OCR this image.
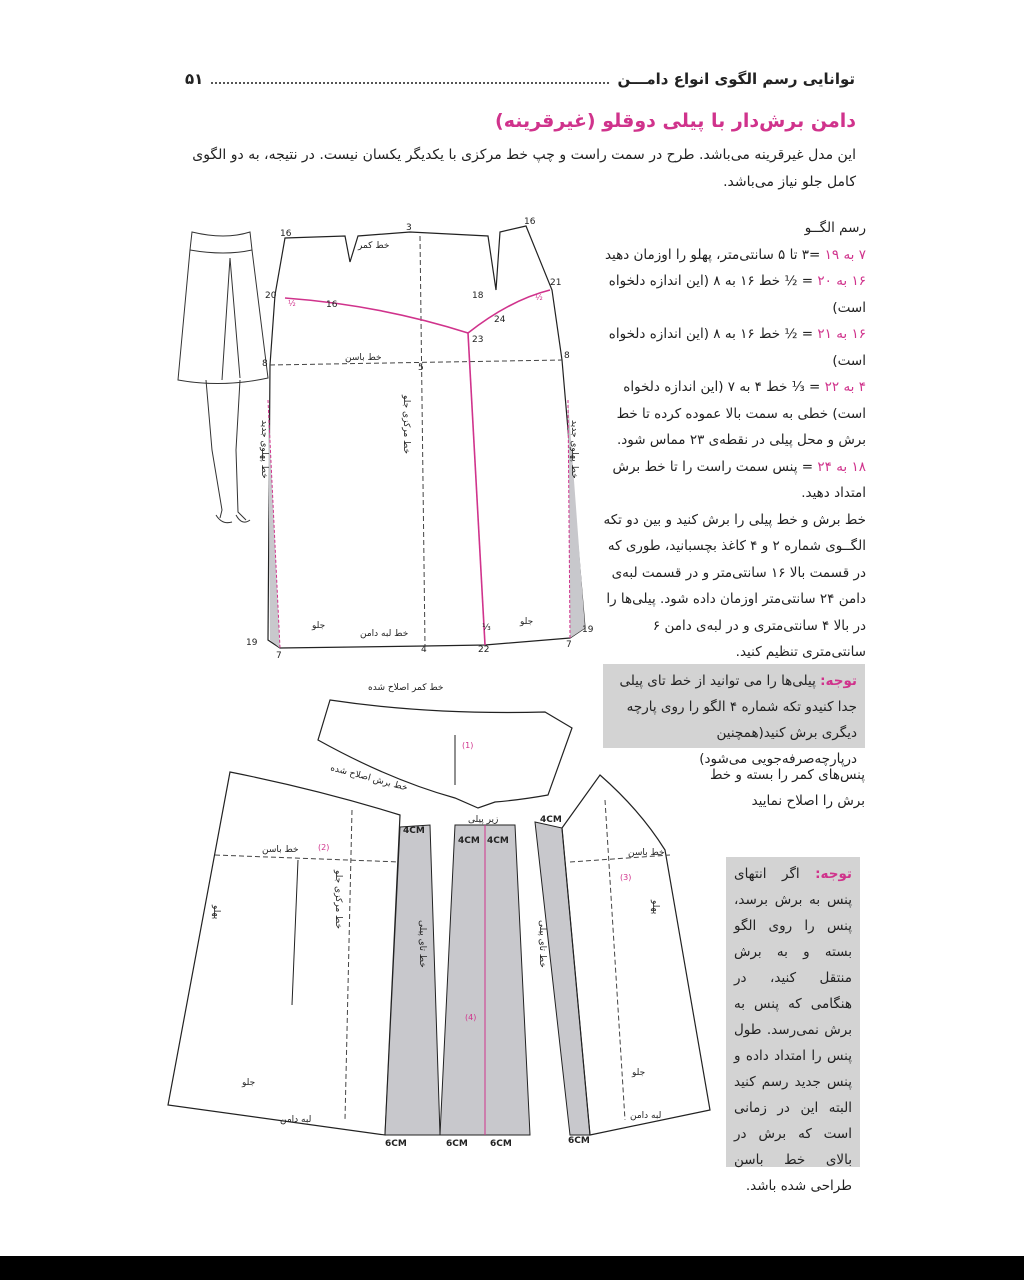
توانایی رسم الگوی انواع دامـــن
۵۱
دامن برش‌دار با پیلی دوقلو (غیرقرینه)
این مدل غیرقرینه می‌باشد. طرح در سمت راست و چپ خط مرکزی با یکدیگر یکسان نیست. در نتیجه، به دو الگوی کامل جلو نیاز می‌باشد.
رسم الگــو
۷ به ۱۹ =۳ تا ۵ سانتی‌متر، پهلو را اوزمان دهید
۱۶ به ۲۰ = ½ خط ۱۶ به ۸ (این اندازه دلخواه است)
۱۶ به ۲۱ = ½ خط ۱۶ به ۸ (این اندازه دلخواه است)
۴ به ۲۲ = ⅓ خط ۴ به ۷ (این اندازه دلخواه است) خطی به سمت بالا عموده کرده تا خط برش و محل پیلی در نقطه‌ی ۲۳ مماس شود.
۱۸ به ۲۴ = پنس سمت راست را تا خط برش امتداد دهید.
خط برش و خط پیلی را برش کنید و بین دو تکه الگــوی شماره ۲ و ۴ کاغذ بچسبانید، طوری که در قسمت بالا ۱۶ سانتی‌متر و در قسمت لبه‌ی دامن ۲۴ سانتی‌متر اوزمان داده شود. پیلی‌ها را در بالا ۴ سانتی‌متری و در لبه‌ی دامن ۶ سانتی‌متری تنظیم کنید.
توجه: پیلی‌ها را می توانید از خط تای پیلی جدا کنیدو تکه شماره ۴ الگو را روی پارچه دیگری برش کنید(همچنین درپارچه‌صرفه‌جویی می‌شود)
پنس‌های کمر را بسته و خط برش را اصلاح نمایید
توجه: اگر انتهای پنس به برش برسد، پنس را روی الگو بسته و به برش منتقل کنید، در هنگامی که پنس به برش نمی‌رسد. طول پنس را امتداد داده و پنس جدید رسم کنید البته این در زمانی است که برش در بالای خط باسن طراحی شده باشد.
16
3
16
20	18
21
24
23
16
8	5
8
19
7
4	22	7
19
½
½
⅓
خط کمر
خط باسن
خط لبه دامن
جلو	جلو
خط مرکزی جلو
خط پهلوی جدید	خط پهلوی جدید
(1)
خط کمر اصلاح شده
خط برش اصلاح شده
(2)
خط باسن
جلو
لبه دامن
پهلو	خط مرکزی جلو
(4)
4CM
4CM 4CM
4CM
6CM	6CM 6CM	6CM
زیر پیلی
خط تای پیلی	خط تای پیلی
(3)
خط باسن
جلو
لبه دامن
پهلو
